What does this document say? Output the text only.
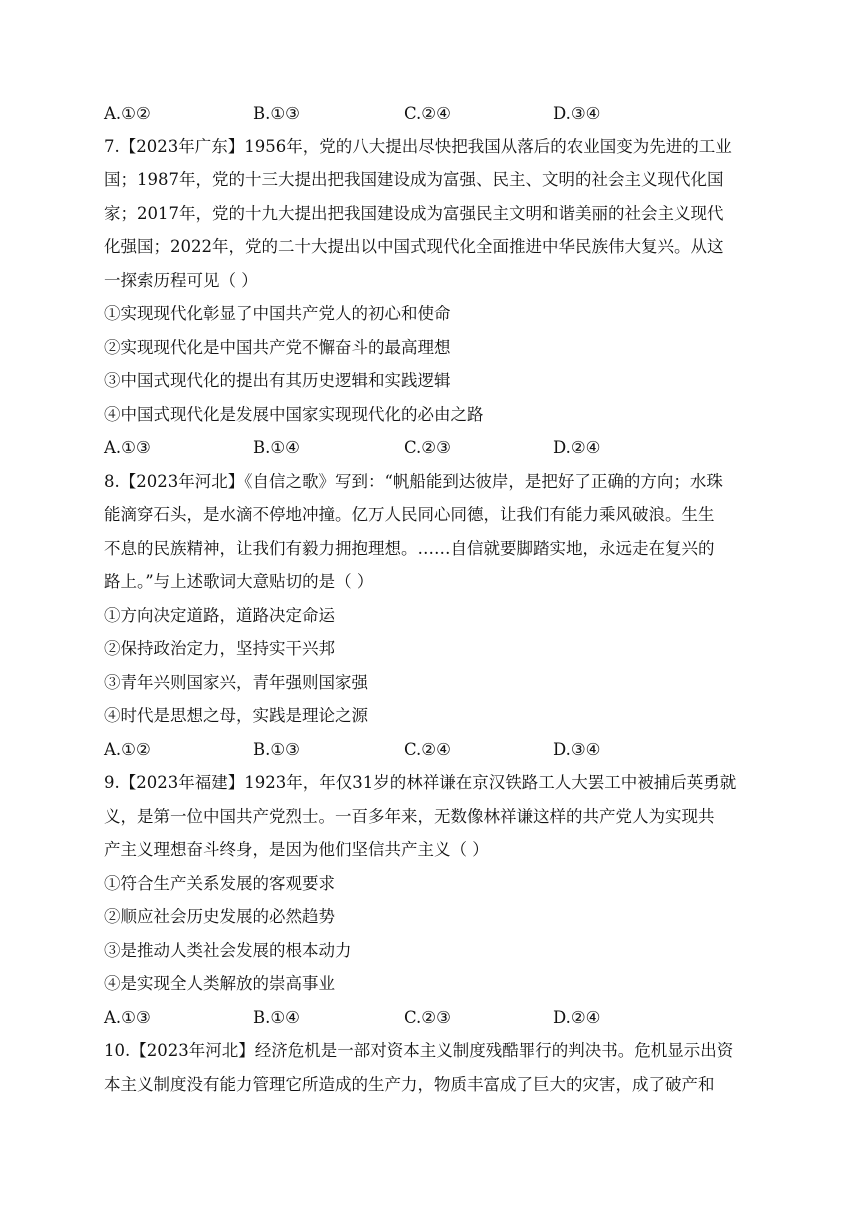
A.①②	B.①③	C.②④	D.③④
7.【2023年广东】1956年，党的八大提出尽快把我国从落后的农业国变为先进的工业
国；1987年，党的十三大提出把我国建设成为富强、民主、文明的社会主义现代化国
家；2017年，党的十九大提出把我国建设成为富强民主文明和谐美丽的社会主义现代
化强国；2022年，党的二十大提出以中国式现代化全面推进中华民族伟大复兴。从这
一探索历程可见（ ）
①实现现代化彰显了中国共产党人的初心和使命
②实现现代化是中国共产党不懈奋斗的最高理想
③中国式现代化的提出有其历史逻辑和实践逻辑
④中国式现代化是发展中国家实现现代化的必由之路
A.①③	B.①④	C.②③	D.②④
8.【2023年河北】《自信之歌》写到：“帆船能到达彼岸，是把好了正确的方向；水珠
能滴穿石头，是水滴不停地冲撞。亿万人民同心同德，让我们有能力乘风破浪。生生
不息的民族精神，让我们有毅力拥抱理想。……自信就要脚踏实地，永远走在复兴的
路上。”与上述歌词大意贴切的是（ ）
①方向决定道路，道路决定命运
②保持政治定力，坚持实干兴邦
③青年兴则国家兴，青年强则国家强
④时代是思想之母，实践是理论之源
A.①②	B.①③	C.②④	D.③④
9.【2023年福建】1923年，年仅31岁的林祥谦在京汉铁路工人大罢工中被捕后英勇就
义，是第一位中国共产党烈士。一百多年来，无数像林祥谦这样的共产党人为实现共
产主义理想奋斗终身，是因为他们坚信共产主义（ ）
①符合生产关系发展的客观要求
②顺应社会历史发展的必然趋势
③是推动人类社会发展的根本动力
④是实现全人类解放的崇高事业
A.①③	B.①④	C.②③	D.②④
10.【2023年河北】经济危机是一部对资本主义制度残酷罪行的判决书。危机显示出资
本主义制度没有能力管理它所造成的生产力，物质丰富成了巨大的灾害，成了破产和
